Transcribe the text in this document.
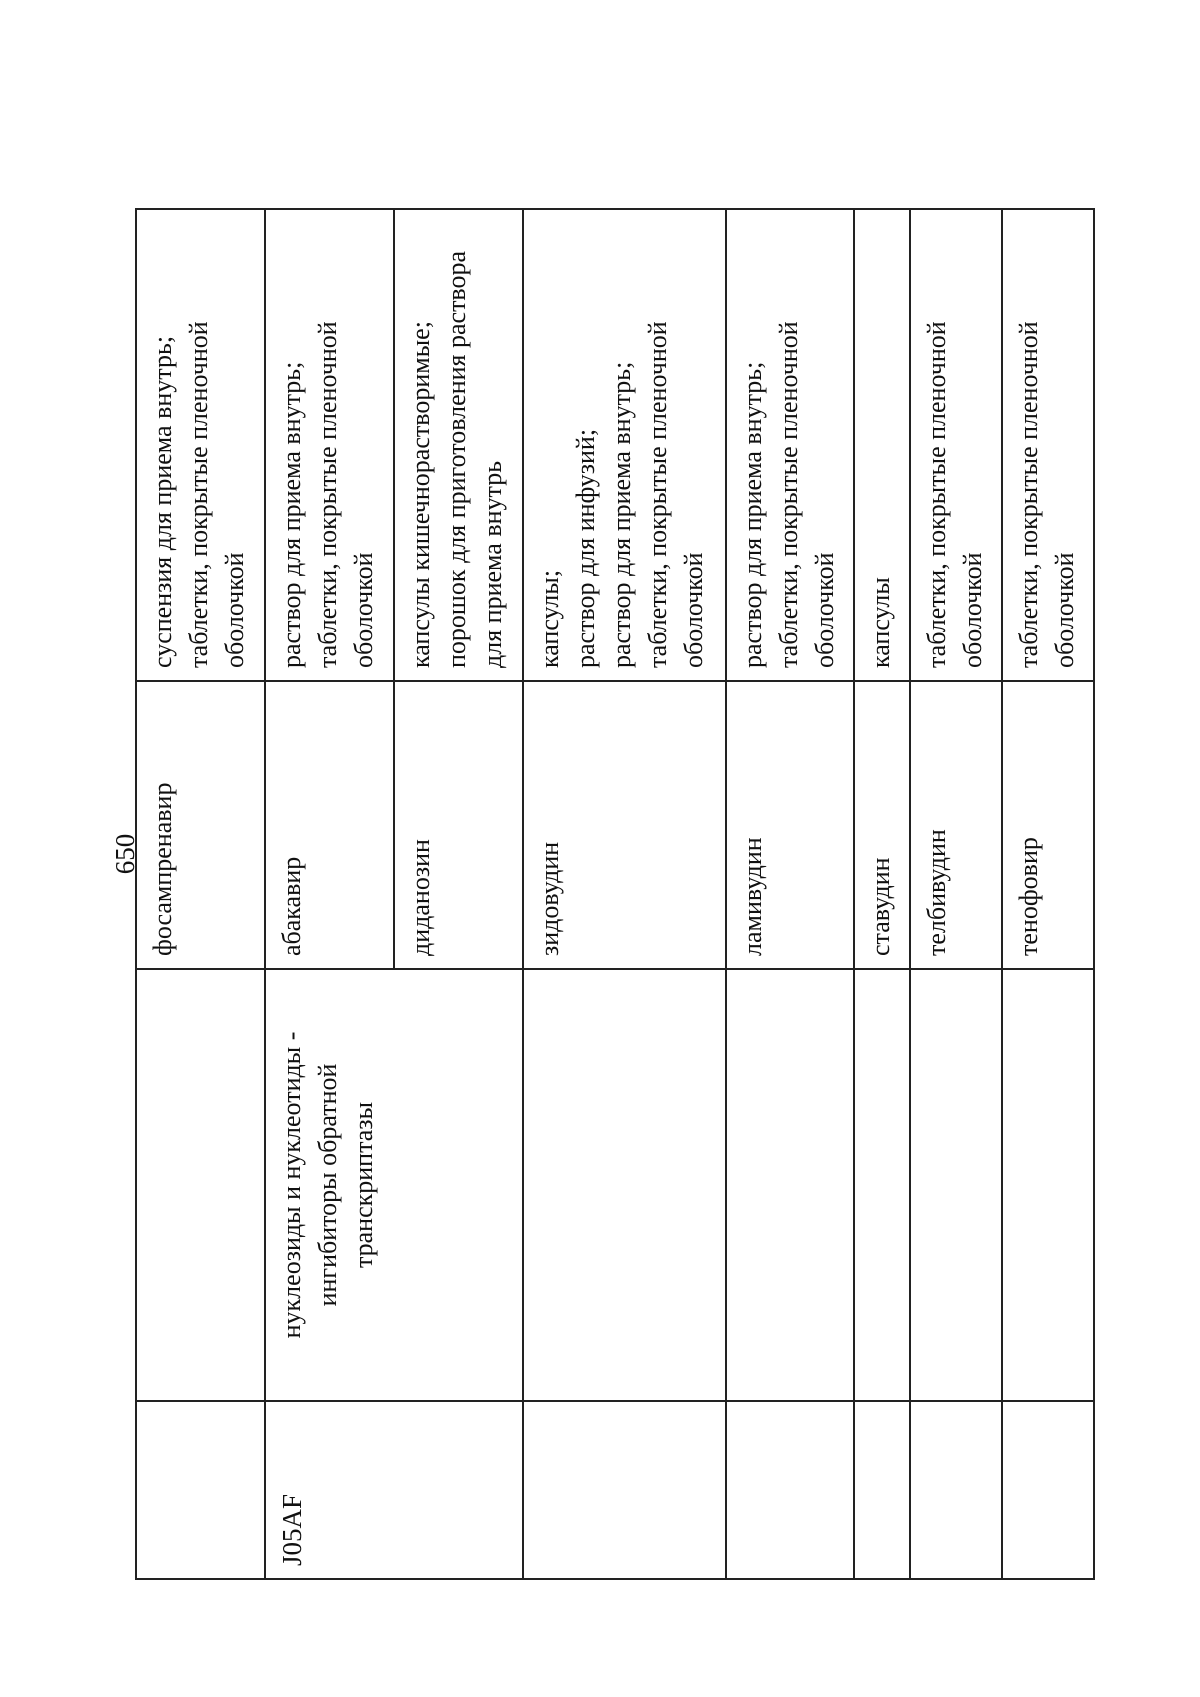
650
		фосампренавир	суспензия для приема внутрь; таблетки, покрытые пленочной оболочкой

J05AF	нуклеозиды и нуклеотиды - ингибиторы обратной транскриптазы	абакавир	раствор для приема внутрь; таблетки, покрытые пленочной оболочкой

		диданозин	капсулы кишечнорастворимые; порошок для приготовления раствора для приема внутрь

		зидовудин	капсулы; раствор для инфузий; раствор для приема внутрь; таблетки, покрытые пленочной оболочкой

		ламивудин	раствор для приема внутрь; таблетки, покрытые пленочной оболочкой

		ставудин	капсулы

		телбивудин	таблетки, покрытые пленочной оболочкой

		тенофовир	таблетки, покрытые пленочной оболочкой
